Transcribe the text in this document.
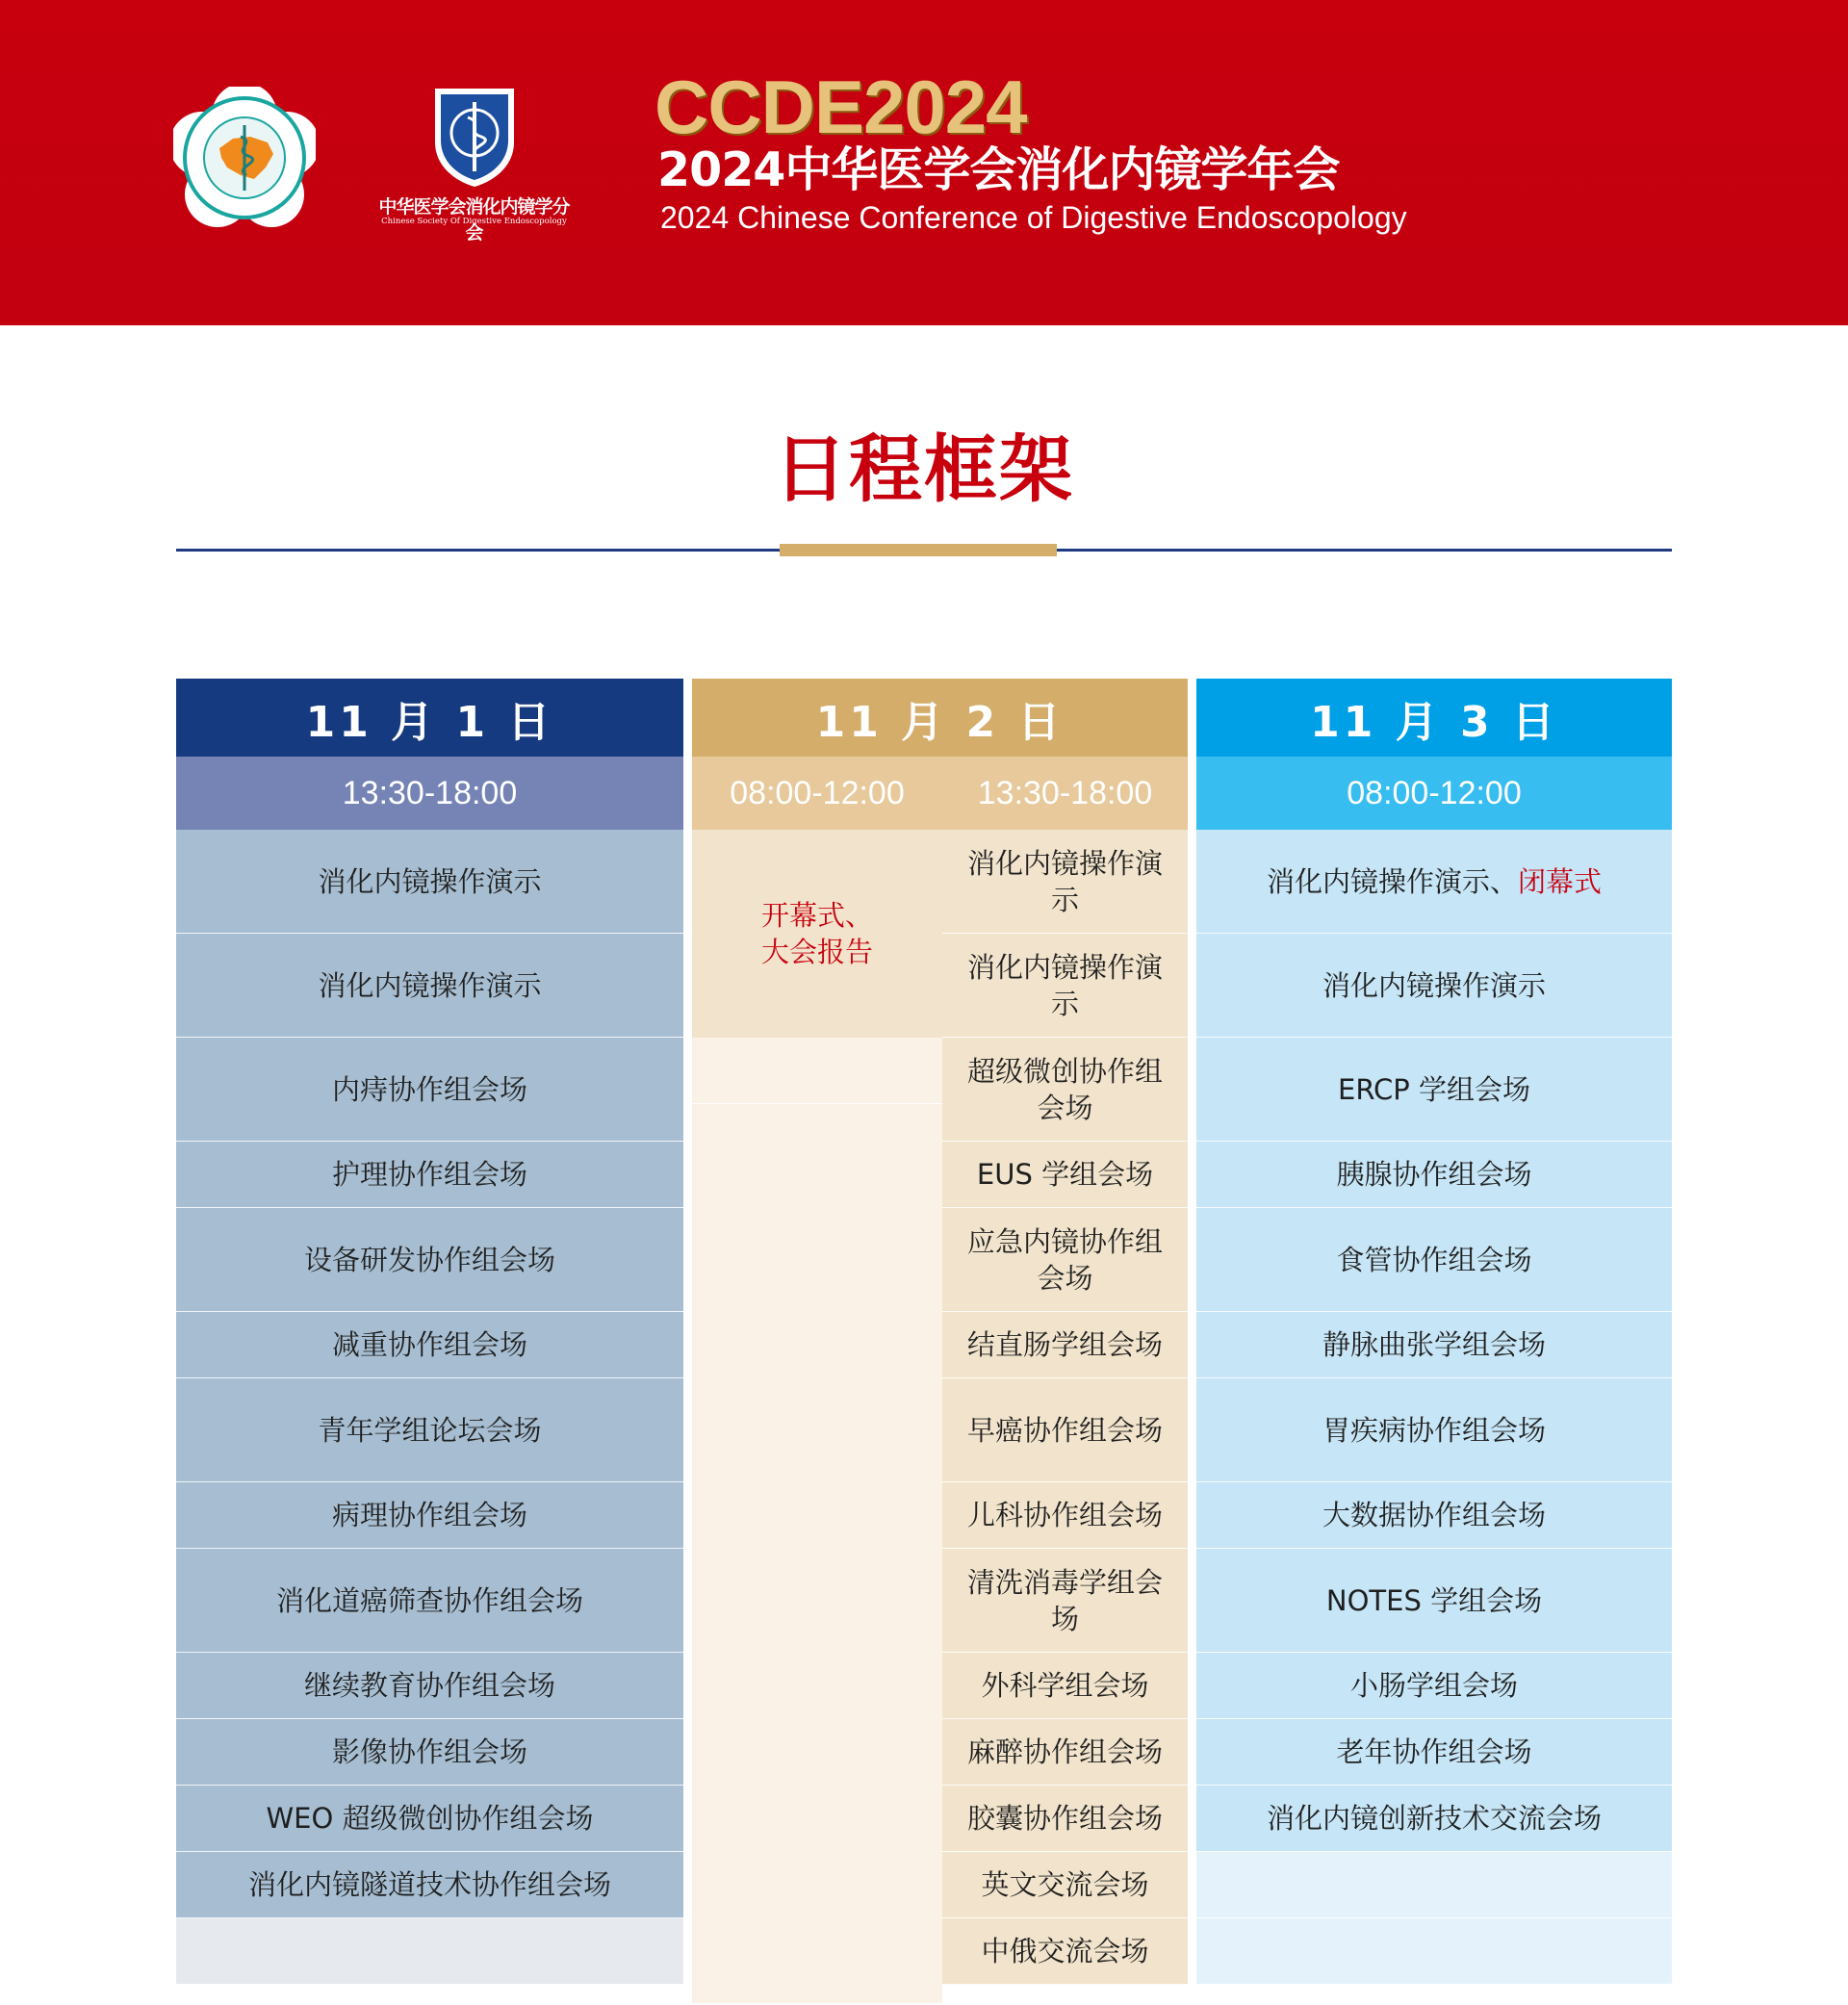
中华医学会消化内镜学分会
Chinese Society Of Digestive Endoscopology
CCDE2024
2024中华医学会消化内镜学年会
2024 Chinese Conference of Digestive Endoscopology
日程框架
11 月 1 日
13:30-18:00
消化内镜操作演示
消化内镜操作演示
内痔协作组会场
护理协作组会场
设备研发协作组会场
减重协作组会场
青年学组论坛会场
病理协作组会场
消化道癌筛查协作组会场
继续教育协作组会场
影像协作组会场
WEO 超级微创协作组会场
消化内镜隧道技术协作组会场
11 月 2 日
08:00-12:00	13:30-18:00
开幕式、
大会报告
消化内镜操作演示
消化内镜操作演示
超级微创协作组会场
EUS 学组会场
应急内镜协作组会场
结直肠学组会场
早癌协作组会场
儿科协作组会场
清洗消毒学组会场
外科学组会场
麻醉协作组会场
胶囊协作组会场
英文交流会场
中俄交流会场
11 月 3 日
08:00-12:00
消化内镜操作演示、 闭幕式
消化内镜操作演示
ERCP 学组会场
胰腺协作组会场
食管协作组会场
静脉曲张学组会场
胃疾病协作组会场
大数据协作组会场
NOTES 学组会场
小肠学组会场
老年协作组会场
消化内镜创新技术交流会场
